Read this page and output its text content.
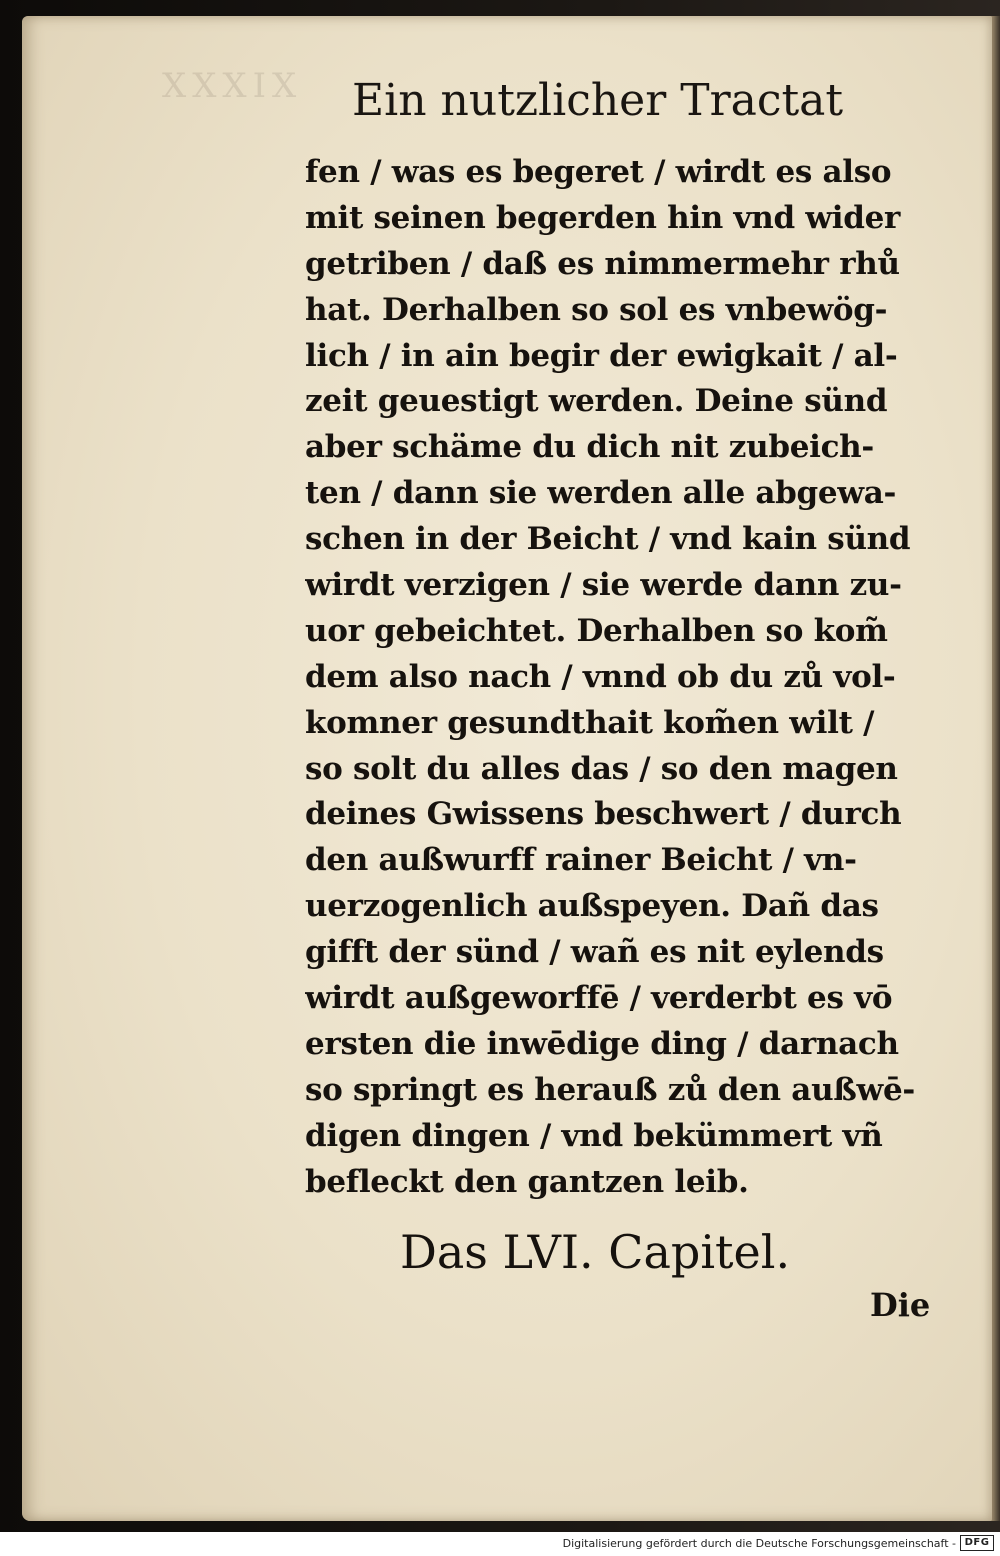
XXXIX Ein nutzlicher Tractat
fen / was es begeret / wirdt es also
mit seinen begerden hin vnd wider
getriben / daß es nimmermehr rhů
hat. Derhalben so sol es vnbewög-
lich / in ain begir der ewigkait / al-
zeit geuestigt werden. Deine sünd
aber schäme du dich nit zubeich-
ten / dann sie werden alle abgewa-
schen in der Beicht / vnd kain sünd
wirdt verzigen / sie werde dann zu-
uor gebeichtet. Derhalben so kom̃
dem also nach / vnnd ob du zů vol-
komner gesundthait kom̃en wilt /
so solt du alles das / so den magen
deines Gwissens beschwert / durch
den außwurff rainer Beicht / vn-
uerzogenlich außspeyen. Dañ das
gifft der sünd / wañ es nit eylends
wirdt außgeworffē / verderbt es vō
ersten die inwēdige ding / darnach
so springt es herauß zů den außwē-
digen dingen / vnd bekümmert vñ
befleckt den gantzen leib.
Das LVI. Capitel.
Die
Digitalisierung gefördert durch die Deutsche Forschungsgemeinschaft - DFG
